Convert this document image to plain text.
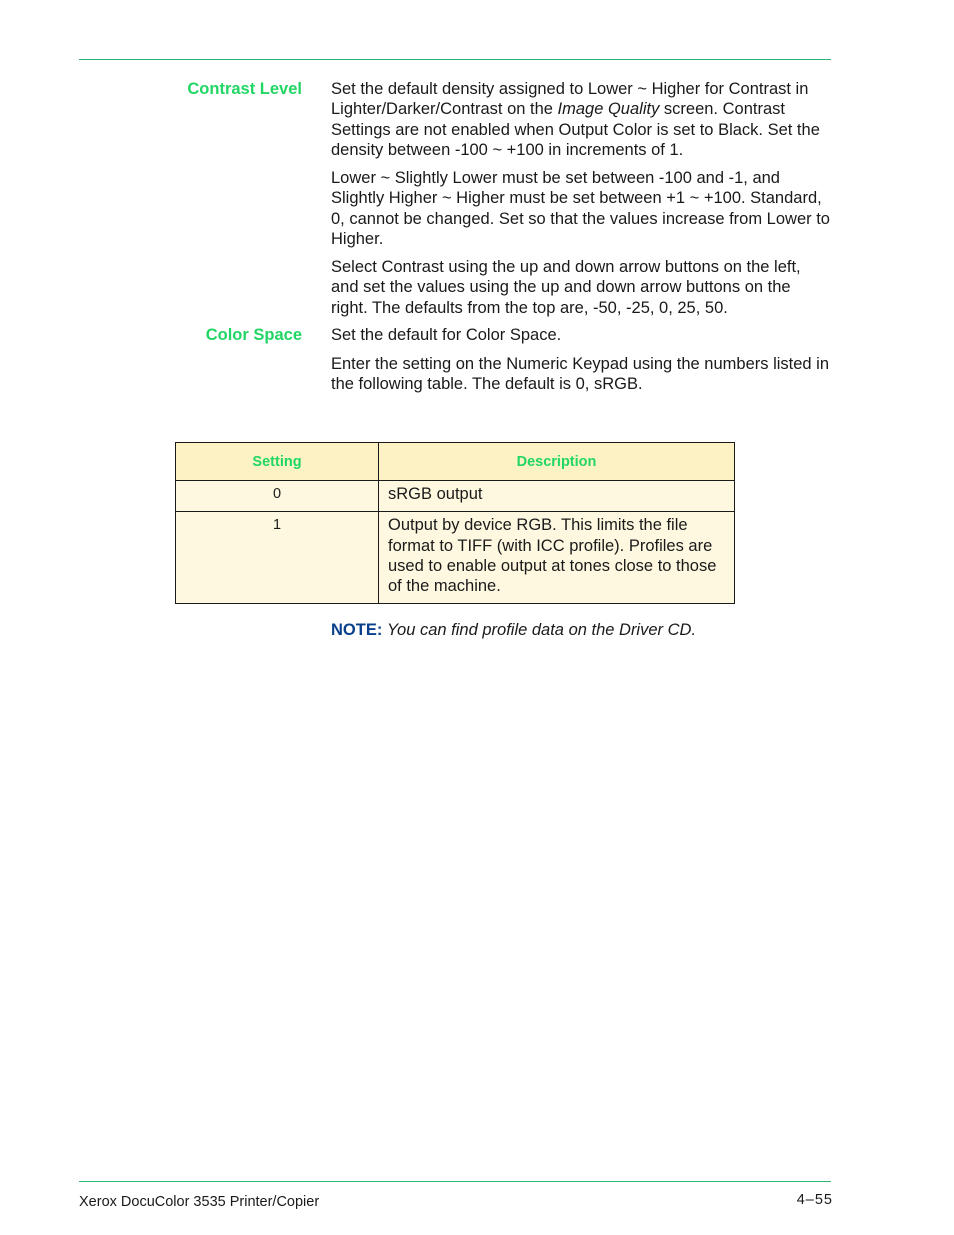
Contrast Level Set the default density assigned to Lower ~ Higher for Contrast in Lighter/Darker/Contrast on the Image Quality screen. Contrast Settings are not enabled when Output Color is set to Black. Set the density between -100 ~ +100 in increments of 1.

Lower ~ Slightly Lower must be set between -100 and -1, and Slightly Higher ~ Higher must be set between +1 ~ +100. Standard, 0, cannot be changed. Set so that the values increase from Lower to Higher.

Select Contrast using the up and down arrow buttons on the left, and set the values using the up and down arrow buttons on the right. The defaults from the top are, -50, -25, 0, 25, 50.

Color Space Set the default for Color Space.

Enter the setting on the Numeric Keypad using the numbers listed in the following table. The default is 0, sRGB.

Setting	Description
0	sRGB output
1	Output by device RGB. This limits the file format to TIFF (with ICC profile). Profiles are used to enable output at tones close to those of the machine.
NOTE: You can find profile data on the Driver CD.
Xerox DocuColor 3535 Printer/Copier	4–55
